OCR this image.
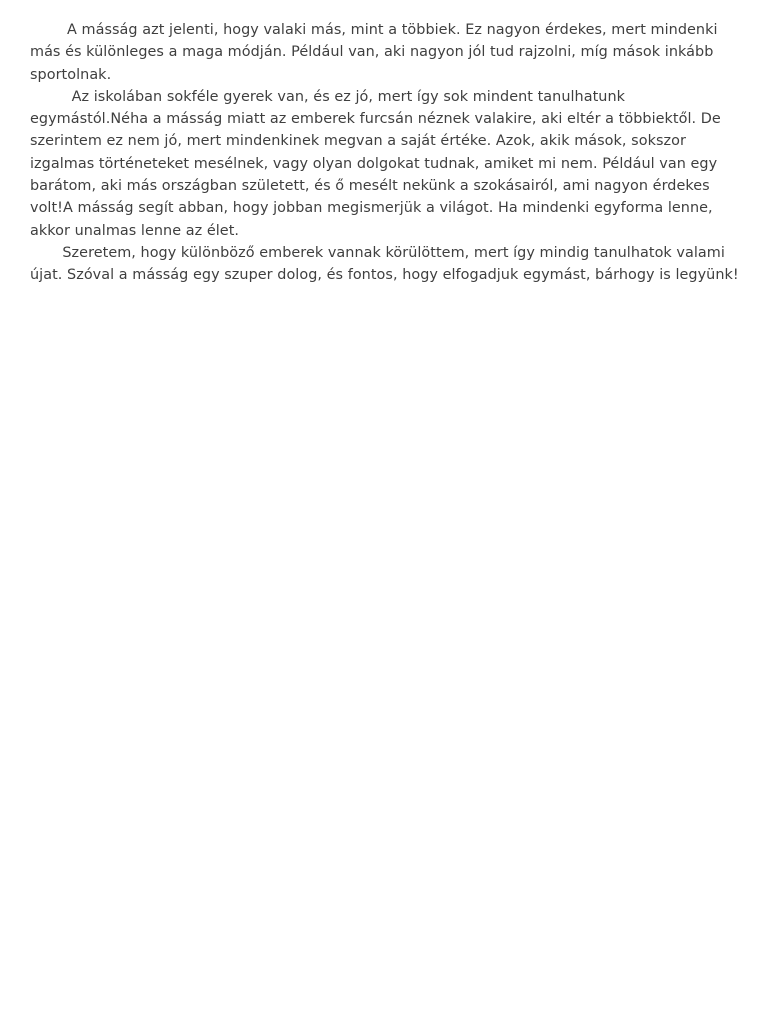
A másság azt jelenti, hogy valaki más, mint a többiek. Ez nagyon érdekes, mert mindenki más és különleges a maga módján. Például van, aki nagyon jól tud rajzolni, míg mások inkább sportolnak.

Az iskolában sokféle gyerek van, és ez jó, mert így sok mindent tanulhatunk egymástól.Néha a másság miatt az emberek furcsán néznek valakire, aki eltér a többiektől. De szerintem ez nem jó, mert mindenkinek megvan a saját értéke. Azok, akik mások, sokszor izgalmas történeteket mesélnek, vagy olyan dolgokat tudnak, amiket mi nem. Például van egy barátom, aki más országban született, és ő mesélt nekünk a szokásairól, ami nagyon érdekes volt!A másság segít abban, hogy jobban megismerjük a világot. Ha mindenki egyforma lenne, akkor unalmas lenne az élet.

Szeretem, hogy különböző emberek vannak körülöttem, mert így mindig tanulhatok valami újat. Szóval a másság egy szuper dolog, és fontos, hogy elfogadjuk egymást, bárhogy is legyünk!
